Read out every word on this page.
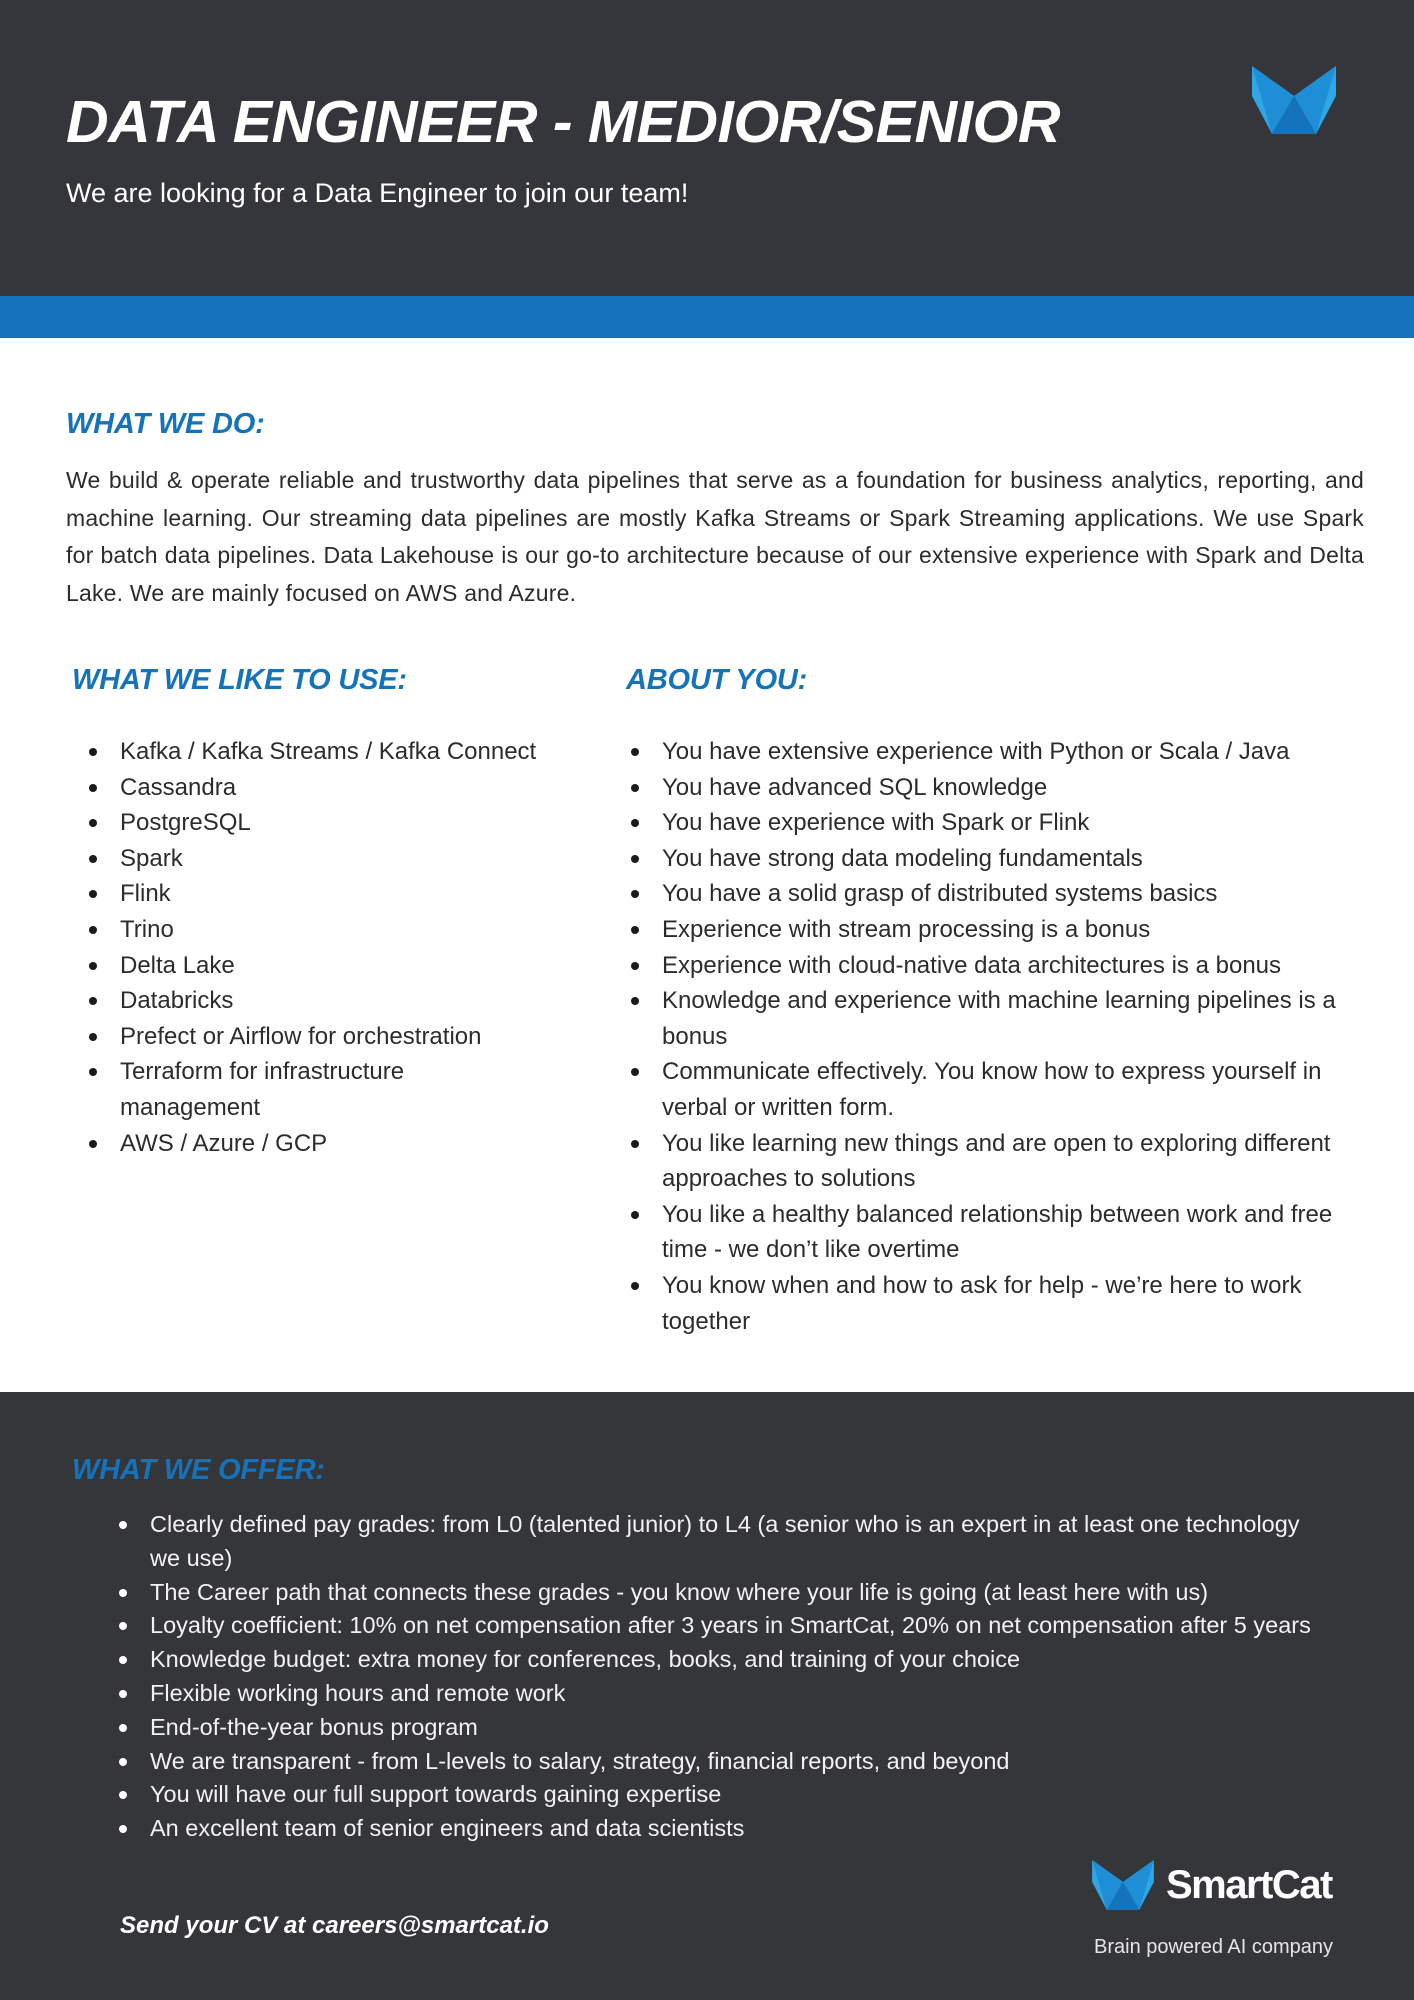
DATA ENGINEER - MEDIOR/SENIOR
We are looking for a Data Engineer to join our team!
WHAT WE DO:
We build & operate reliable and trustworthy data pipelines that serve as a foundation for business analytics, reporting, and machine learning. Our streaming data pipelines are mostly Kafka Streams or Spark Streaming applications. We use Spark for batch data pipelines. Data Lakehouse is our go-to architecture because of our extensive experience with Spark and Delta Lake. We are mainly focused on AWS and Azure.
WHAT WE LIKE TO USE:
Kafka / Kafka Streams / Kafka Connect
Cassandra
PostgreSQL
Spark
Flink
Trino
Delta Lake
Databricks
Prefect or Airflow for orchestration
Terraform for infrastructure management
AWS / Azure / GCP
ABOUT YOU:
You have extensive experience with Python or Scala / Java
You have advanced SQL knowledge
You have experience with Spark or Flink
You have strong data modeling fundamentals
You have a solid grasp of distributed systems basics
Experience with stream processing is a bonus
Experience with cloud-native data architectures is a bonus
Knowledge and experience with machine learning pipelines is a bonus
Communicate effectively. You know how to express yourself in verbal or written form.
You like learning new things and are open to exploring different approaches to solutions
You like a healthy balanced relationship between work and free time - we don’t like overtime
You know when and how to ask for help - we’re here to work together
WHAT WE OFFER:
Clearly defined pay grades: from L0 (talented junior) to L4 (a senior who is an expert in at least one technology we use)
The Career path that connects these grades - you know where your life is going (at least here with us)
Loyalty coefficient: 10% on net compensation after 3 years in SmartCat, 20% on net compensation after 5 years
Knowledge budget: extra money for conferences, books, and training of your choice
Flexible working hours and remote work
End-of-the-year bonus program
We are transparent - from L-levels to salary, strategy, financial reports, and beyond
You will have our full support towards gaining expertise
An excellent team of senior engineers and data scientists
Send your CV at careers@smartcat.io
SmartCat
Brain powered AI company
